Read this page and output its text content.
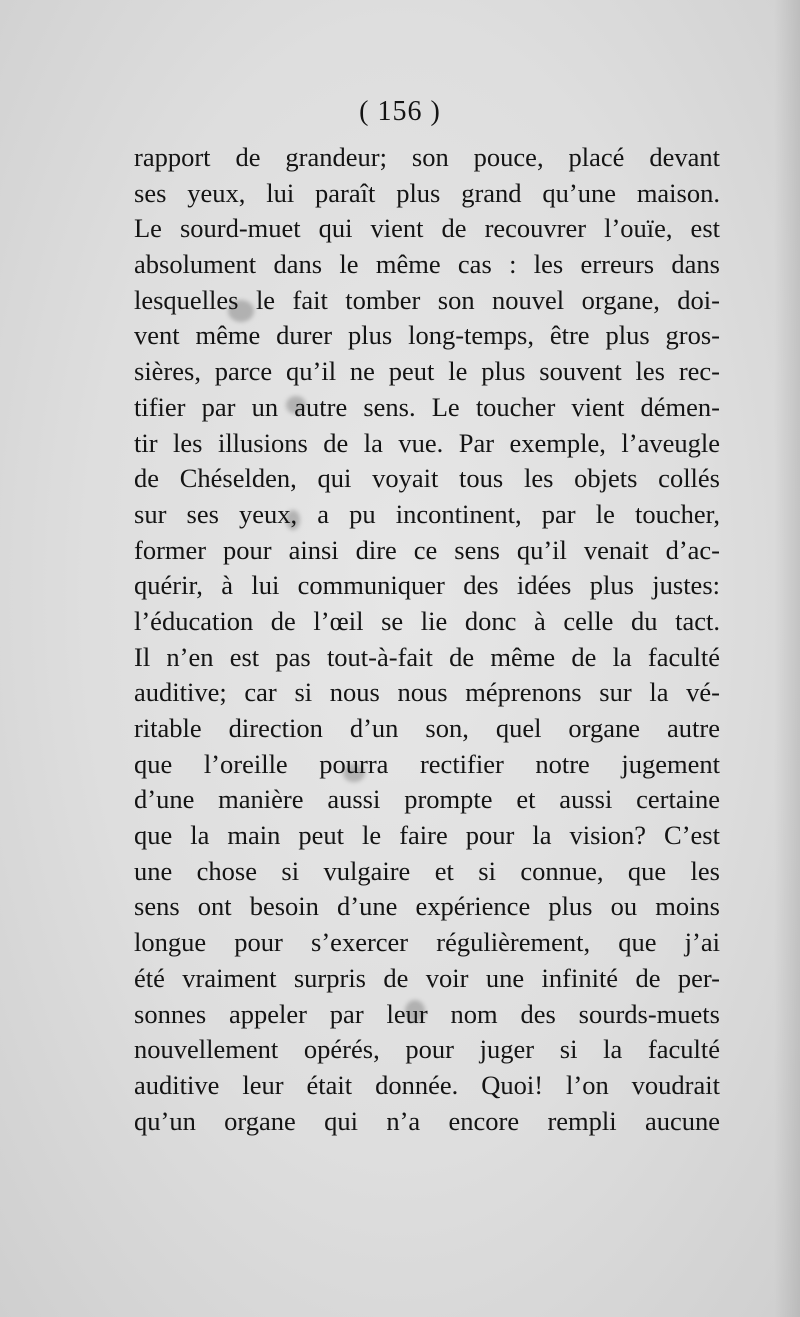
( 156 )
rapport de grandeur; son pouce, placé devant
ses yeux, lui paraît plus grand qu’une maison.
Le sourd-muet qui vient de recouvrer l’ouïe, est
absolument dans le même cas : les erreurs dans
lesquelles le fait tomber son nouvel organe, doi-
vent même durer plus long-temps, être plus gros-
sières, parce qu’il ne peut le plus souvent les rec-
tifier par un autre sens. Le toucher vient démen-
tir les illusions de la vue. Par exemple, l’aveugle
de Chéselden, qui voyait tous les objets collés
sur ses yeux, a pu incontinent, par le toucher,
former pour ainsi dire ce sens qu’il venait d’ac-
quérir, à lui communiquer des idées plus justes:
l’éducation de l’œil se lie donc à celle du tact.
Il n’en est pas tout-à-fait de même de la faculté
auditive; car si nous nous méprenons sur la vé-
ritable direction d’un son, quel organe autre
que l’oreille pourra rectifier notre jugement
d’une manière aussi prompte et aussi certaine
que la main peut le faire pour la vision? C’est
une chose si vulgaire et si connue, que les
sens ont besoin d’une expérience plus ou moins
longue pour s’exercer régulièrement, que j’ai
été vraiment surpris de voir une infinité de per-
sonnes appeler par leur nom des sourds-muets
nouvellement opérés, pour juger si la faculté
auditive leur était donnée. Quoi! l’on voudrait
qu’un organe qui n’a encore rempli aucune
